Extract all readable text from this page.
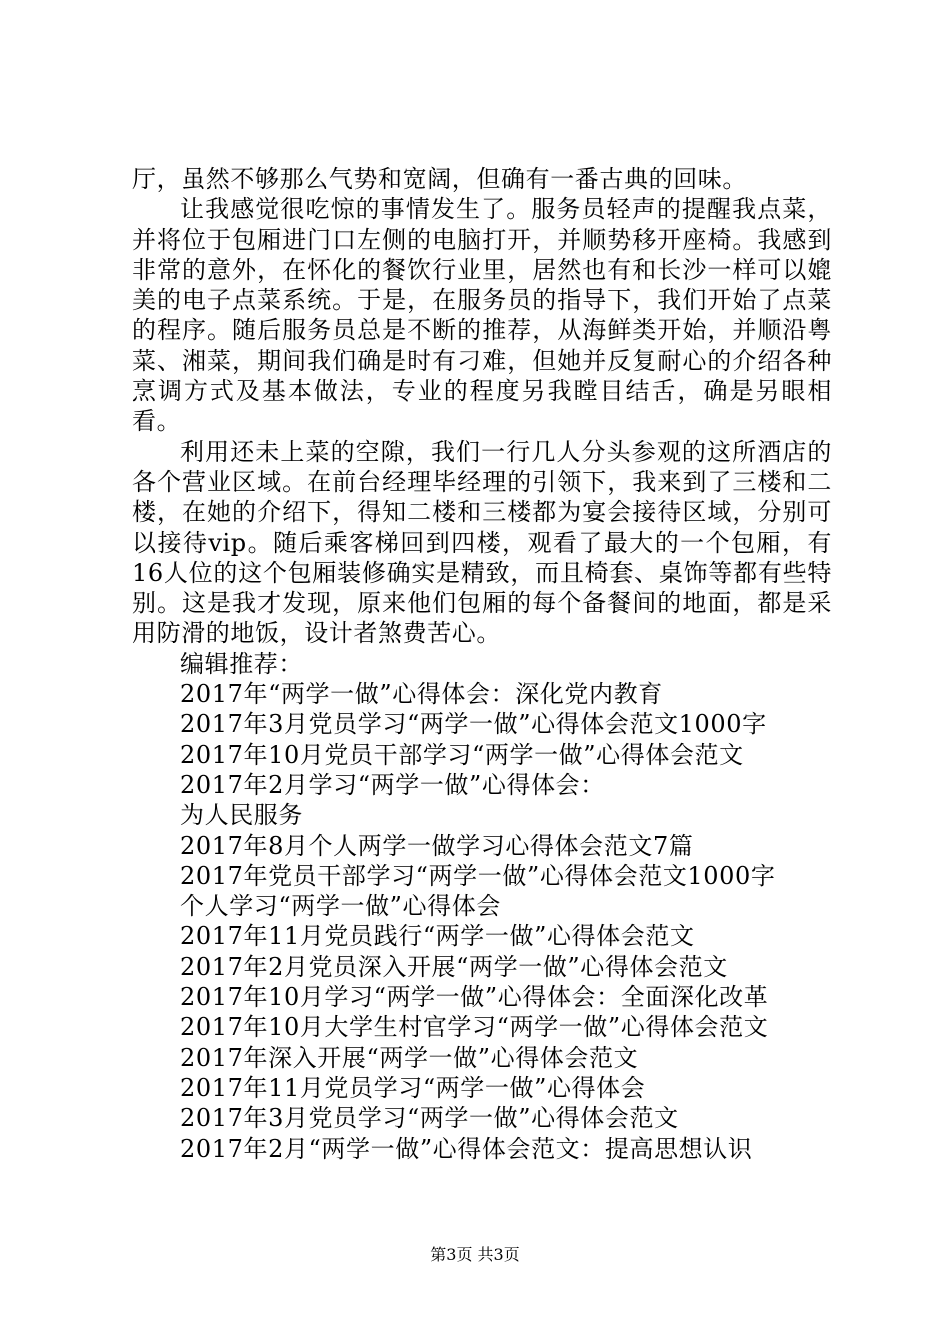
厅，虽然不够那么气势和宽阔，但确有一番古典的回味。

让我感觉很吃惊的事情发生了。服务员轻声的提醒我点菜，并将位于包厢进门口左侧的电脑打开，并顺势移开座椅。我感到非常的意外，在怀化的餐饮行业里，居然也有和长沙一样可以媲美的电子点菜系统。于是，在服务员的指导下，我们开始了点菜的程序。随后服务员总是不断的推荐，从海鲜类开始，并顺沿粤菜、湘菜，期间我们确是时有刁难，但她并反复耐心的介绍各种烹调方式及基本做法，专业的程度另我瞠目结舌，确是另眼相看。

利用还未上菜的空隙，我们一行几人分头参观的这所酒店的各个营业区域。在前台经理毕经理的引领下，我来到了三楼和二楼，在她的介绍下，得知二楼和三楼都为宴会接待区域，分别可以接待vip。随后乘客梯回到四楼，观看了最大的一个包厢，有16人位的这个包厢装修确实是精致，而且椅套、桌饰等都有些特别。这是我才发现，原来他们包厢的每个备餐间的地面，都是采用防滑的地饭，设计者煞费苦心。

编辑推荐：
2017年“两学一做”心得体会：深化党内教育
2017年3月党员学习“两学一做”心得体会范文1000字
2017年10月党员干部学习“两学一做”心得体会范文
2017年2月学习“两学一做”心得体会：
为人民服务
2017年8月个人两学一做学习心得体会范文7篇
2017年党员干部学习“两学一做”心得体会范文1000字
个人学习“两学一做”心得体会
2017年11月党员践行“两学一做”心得体会范文
2017年2月党员深入开展“两学一做”心得体会范文
2017年10月学习“两学一做”心得体会：全面深化改革
2017年10月大学生村官学习“两学一做”心得体会范文
2017年深入开展“两学一做”心得体会范文
2017年11月党员学习“两学一做”心得体会
2017年3月党员学习“两学一做”心得体会范文
2017年2月“两学一做”心得体会范文：提高思想认识
第3页 共3页
